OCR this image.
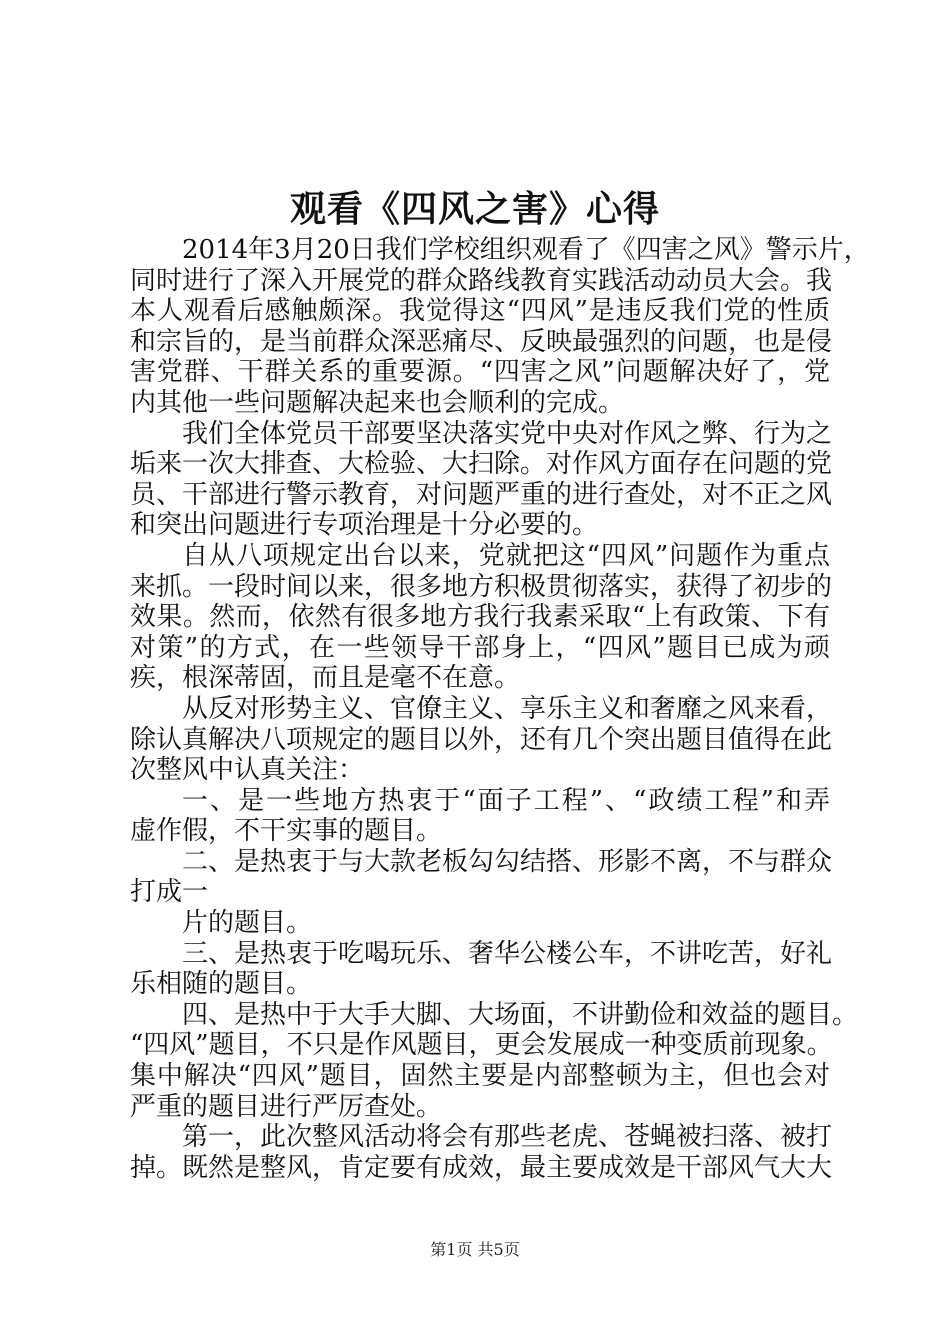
观看《四风之害》心得
2014年3月20日我们学校组织观看了《四害之风》警示片，
同时进行了深入开展党的群众路线教育实践活动动员大会。我
本人观看后感触颇深。我觉得这“四风”是违反我们党的性质
和宗旨的，是当前群众深恶痛尽、反映最强烈的问题，也是侵
害党群、干群关系的重要源。“四害之风”问题解决好了，党
内其他一些问题解决起来也会顺利的完成。
我们全体党员干部要坚决落实党中央对作风之弊、行为之
垢来一次大排查、大检验、大扫除。对作风方面存在问题的党
员、干部进行警示教育，对问题严重的进行查处，对不正之风
和突出问题进行专项治理是十分必要的。
自从八项规定出台以来，党就把这“四风”问题作为重点
来抓。一段时间以来，很多地方积极贯彻落实，获得了初步的
效果。然而，依然有很多地方我行我素采取“上有政策、下有
对策”的方式，在一些领导干部身上，“四风”题目已成为顽
疾，根深蒂固，而且是毫不在意。
从反对形势主义、官僚主义、享乐主义和奢靡之风来看，
除认真解决八项规定的题目以外，还有几个突出题目值得在此
次整风中认真关注：
一、是一些地方热衷于“面子工程”、“政绩工程”和弄
虚作假，不干实事的题目。
二、是热衷于与大款老板勾勾结搭、形影不离，不与群众
打成一
片的题目。
三、是热衷于吃喝玩乐、奢华公楼公车，不讲吃苦，好礼
乐相随的题目。
四、是热中于大手大脚、大场面，不讲勤俭和效益的题目。
“四风”题目，不只是作风题目，更会发展成一种变质前现象。
集中解决“四风”题目，固然主要是内部整顿为主，但也会对
严重的题目进行严厉查处。
第一，此次整风活动将会有那些老虎、苍蝇被扫落、被打
掉。既然是整风，肯定要有成效，最主要成效是干部风气大大
第1页 共5页
